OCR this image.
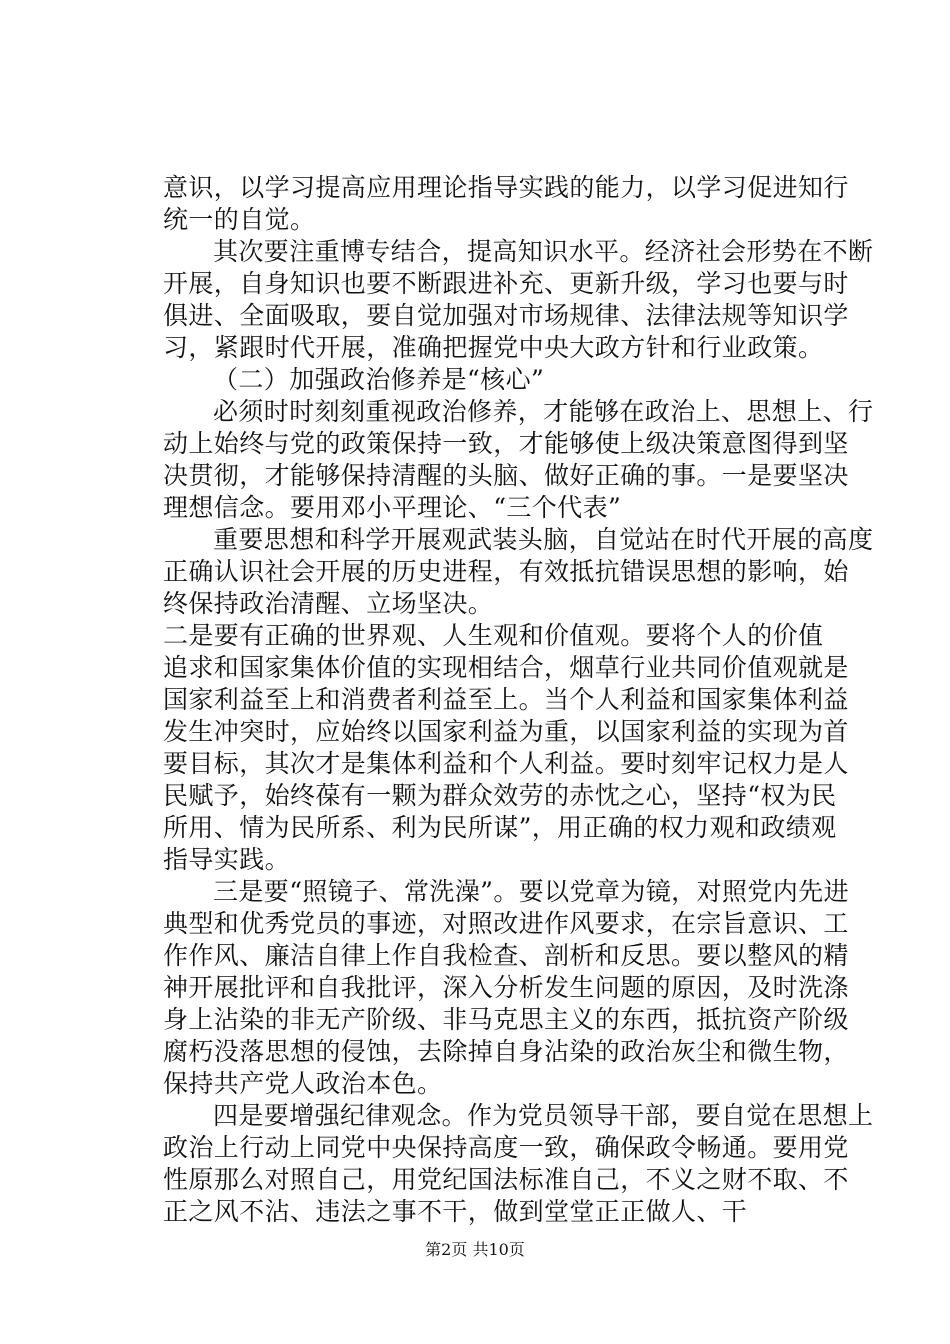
意识，以学习提高应用理论指导实践的能力，以学习促进知行
统一的自觉。
其次要注重博专结合，提高知识水平。经济社会形势在不断
开展，自身知识也要不断跟进补充、更新升级，学习也要与时
俱进、全面吸取，要自觉加强对市场规律、法律法规等知识学
习，紧跟时代开展，准确把握党中央大政方针和行业政策。
（二）加强政治修养是“核心”
必须时时刻刻重视政治修养，才能够在政治上、思想上、行
动上始终与党的政策保持一致，才能够使上级决策意图得到坚
决贯彻，才能够保持清醒的头脑、做好正确的事。一是要坚决
理想信念。要用邓小平理论、“三个代表”
重要思想和科学开展观武装头脑，自觉站在时代开展的高度
正确认识社会开展的历史进程，有效抵抗错误思想的影响，始
终保持政治清醒、立场坚决。
二是要有正确的世界观、人生观和价值观。要将个人的价值
追求和国家集体价值的实现相结合，烟草行业共同价值观就是
国家利益至上和消费者利益至上。当个人利益和国家集体利益
发生冲突时，应始终以国家利益为重，以国家利益的实现为首
要目标，其次才是集体利益和个人利益。要时刻牢记权力是人
民赋予，始终葆有一颗为群众效劳的赤忱之心，坚持“权为民
所用、情为民所系、利为民所谋”，用正确的权力观和政绩观
指导实践。
三是要“照镜子、常洗澡”。要以党章为镜，对照党内先进
典型和优秀党员的事迹，对照改进作风要求，在宗旨意识、工
作作风、廉洁自律上作自我检查、剖析和反思。要以整风的精
神开展批评和自我批评，深入分析发生问题的原因，及时洗涤
身上沾染的非无产阶级、非马克思主义的东西，抵抗资产阶级
腐朽没落思想的侵蚀，去除掉自身沾染的政治灰尘和微生物，
保持共产党人政治本色。
四是要增强纪律观念。作为党员领导干部，要自觉在思想上
政治上行动上同党中央保持高度一致，确保政令畅通。要用党
性原那么对照自己，用党纪国法标准自己，不义之财不取、不
正之风不沾、违法之事不干，做到堂堂正正做人、干
第2页 共10页
